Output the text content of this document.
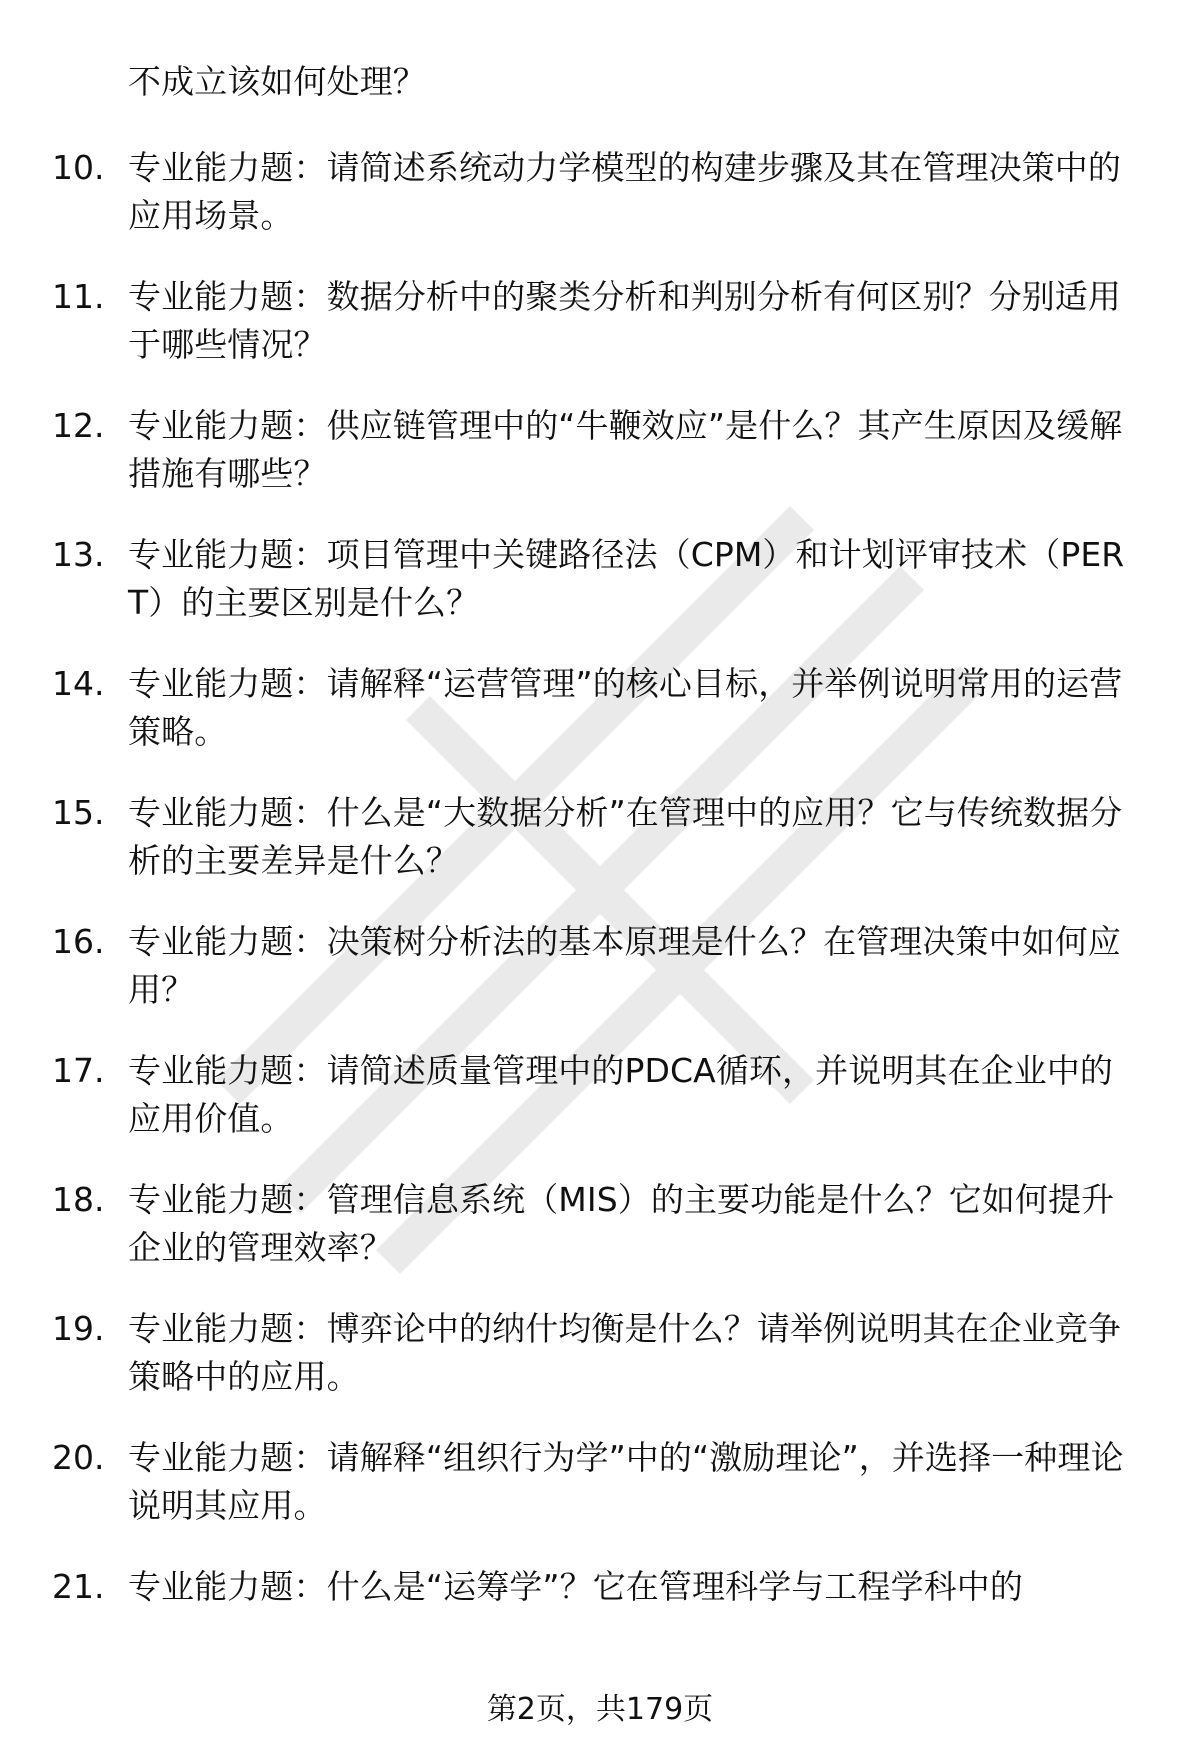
不成立该如何处理？
10. 专业能力题：请简述系统动力学模型的构建步骤及其在管理决策中的应用场景。
11. 专业能力题：数据分析中的聚类分析和判别分析有何区别？分别适用于哪些情况？
12. 专业能力题：供应链管理中的“牛鞭效应”是什么？其产生原因及缓解措施有哪些？
13. 专业能力题：项目管理中关键路径法（CPM）和计划评审技术（PERT）的主要区别是什么？
14. 专业能力题：请解释“运营管理”的核心目标，并举例说明常用的运营策略。
15. 专业能力题：什么是“大数据分析”在管理中的应用？它与传统数据分析的主要差异是什么？
16. 专业能力题：决策树分析法的基本原理是什么？在管理决策中如何应用？
17. 专业能力题：请简述质量管理中的PDCA循环，并说明其在企业中的应用价值。
18. 专业能力题：管理信息系统（MIS）的主要功能是什么？它如何提升企业的管理效率？
19. 专业能力题：博弈论中的纳什均衡是什么？请举例说明其在企业竞争策略中的应用。
20. 专业能力题：请解释“组织行为学”中的“激励理论”，并选择一种理论说明其应用。
21. 专业能力题：什么是“运筹学”？它在管理科学与工程学科中的
第2页，共179页
